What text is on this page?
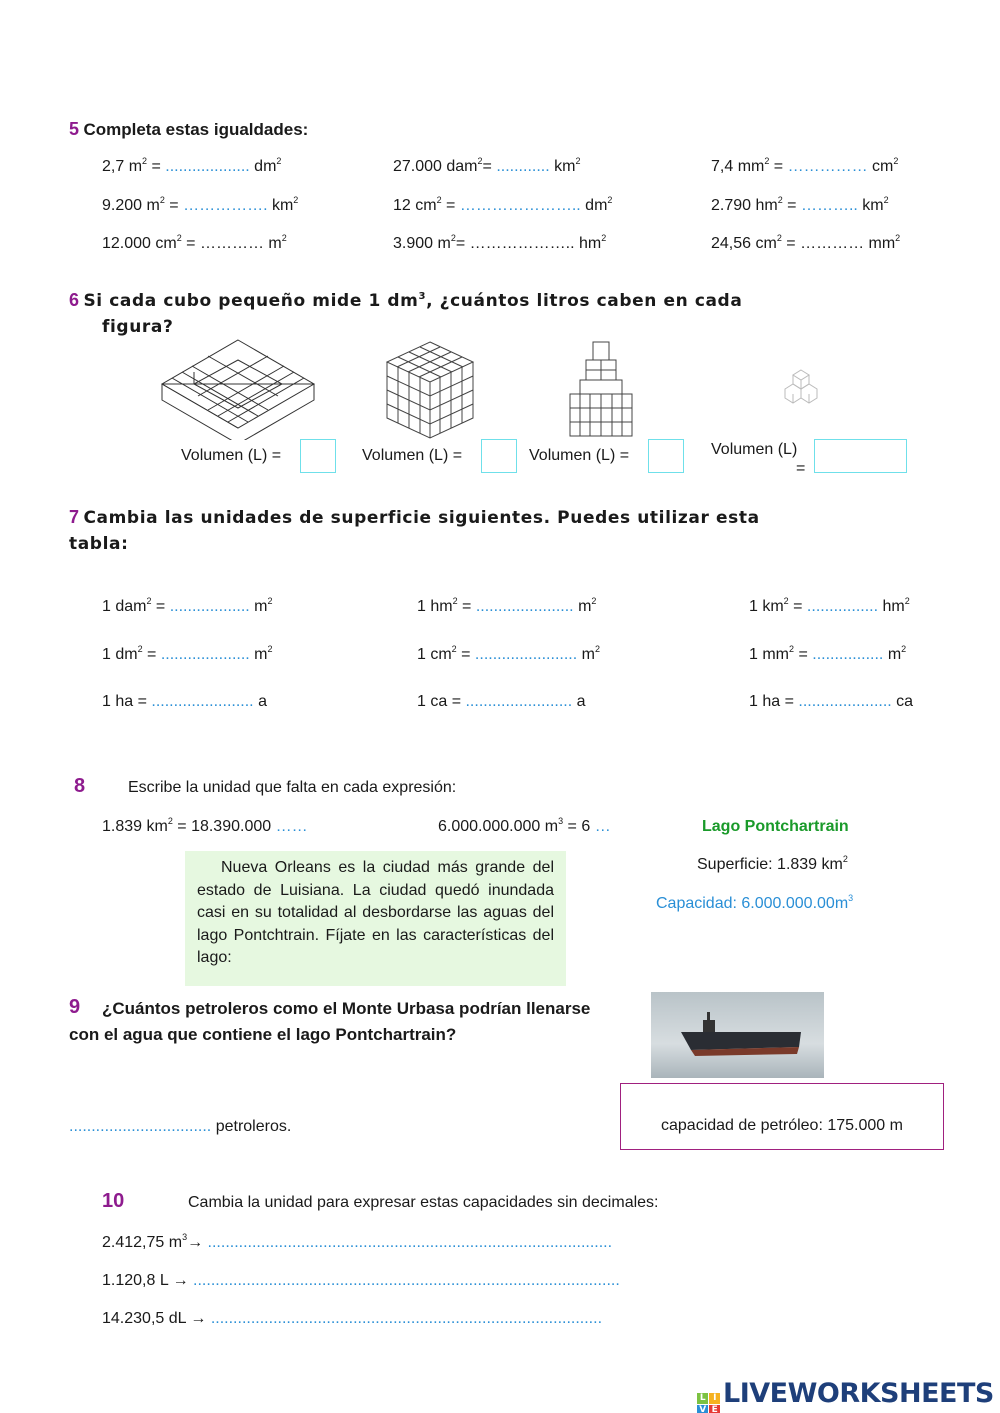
5 Completa estas igualdades:
2,7 $m^2$ = ................... $dm^2$	27.000 dam$^2$= ............ $km^2$	7,4 $mm^2$ = …………… $cm^2$
9.200 $m^2$ = ……………. $km^2$	12 $cm^2$ = ………………….. $dm^2$	2.790 $hm^2$ = ……….. $km^2$
12.000 $cm^2$ = ………… $m^2$	3.900 $m^2=$ ……………….. $hm^2$	24,56 $cm^2$ = ………… $mm^2$
6 Si cada cubo pequeño mide 1 $dm^3$, ¿cuántos litros caben en cada
figura?
Volumen (L) =	Volumen (L) =	Volumen (L) =	Volumen (L)
=
7 Cambia las unidades de superficie siguientes. Puedes utilizar esta
tabla:
1 dam$^2$ = .................. $m^2$	1 $hm^2$ = ...................... $m^2$	1 $km^2$ = ................ $hm^2$
1 $dm^2$ = .................... $m^2$	1 $cm^2$ = ....................... $m^2$	1 $mm^2$ = ................ $m^2$
1 ha = ....................... a	1 ca = ........................ a	1 ha = ..................... ca
8	Escribe la unidad que falta en cada expresión:
1.839 $km^2 = 18.390.000$ ……	6.000.000.000 $m^3 = 6$ …	Lago Pontchartrain
Superficie: 1.839 $km^2$
Capacidad: $6.000.000.00m^3$
Nueva Orleans es la ciudad más grande del estado de Luisiana. La ciudad quedó inundada casi en su totalidad al desbordarse las aguas del lago Pontchtrain. Fíjate en las características del lago:
9 ¿Cuántos petroleros como el Monte Urbasa podrían llenarse
con el agua que contiene el lago Pontchartrain?
................................ petroleros.	capacidad de petróleo: 175.000 m
10	Cambia la unidad para expresar estas capacidades sin decimales:
2.412,75 $m^3\to$ ...........................................................................................
1.120,8 L → ................................................................................................
14.230,5 dL → ........................................................................................
L I
V E
LIVEWORKSHEETS
